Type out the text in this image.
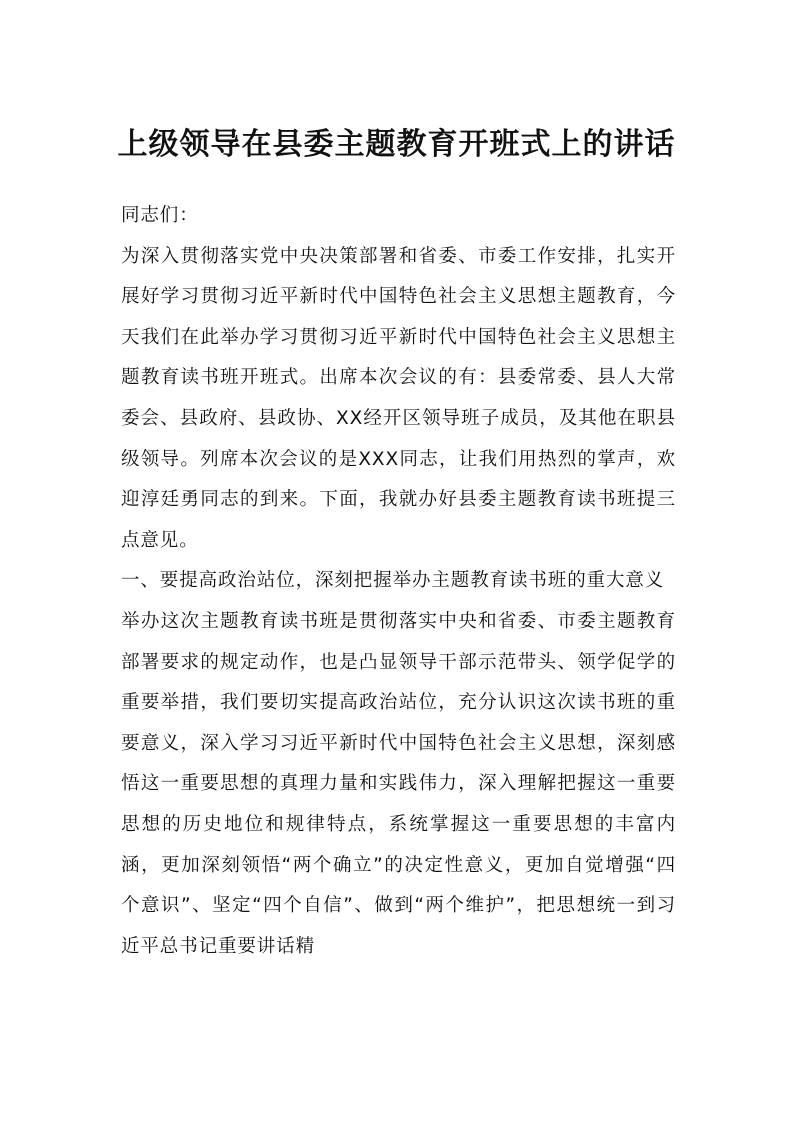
上级领导在县委主题教育开班式上的讲话

同志们：

为深入贯彻落实党中央决策部署和省委、市委工作安排，扎实开展好学习贯彻习近平新时代中国特色社会主义思想主题教育，今天我们在此举办学习贯彻习近平新时代中国特色社会主义思想主题教育读书班开班式。出席本次会议的有：县委常委、县人大常委会、县政府、县政协、XX经开区领导班子成员，及其他在职县级领导。列席本次会议的是XXX同志，让我们用热烈的掌声，欢迎淳廷勇同志的到来。下面，我就办好县委主题教育读书班提三点意见。

一、要提高政治站位，深刻把握举办主题教育读书班的重大意义

举办这次主题教育读书班是贯彻落实中央和省委、市委主题教育部署要求的规定动作，也是凸显领导干部示范带头、领学促学的重要举措，我们要切实提高政治站位，充分认识这次读书班的重要意义，深入学习习近平新时代中国特色社会主义思想，深刻感悟这一重要思想的真理力量和实践伟力，深入理解把握这一重要思想的历史地位和规律特点，系统掌握这一重要思想的丰富内涵，更加深刻领悟“两个确立”的决定性意义，更加自觉增强“四个意识”、坚定“四个自信”、做到“两个维护”，把思想统一到习近平总书记重要讲话精
